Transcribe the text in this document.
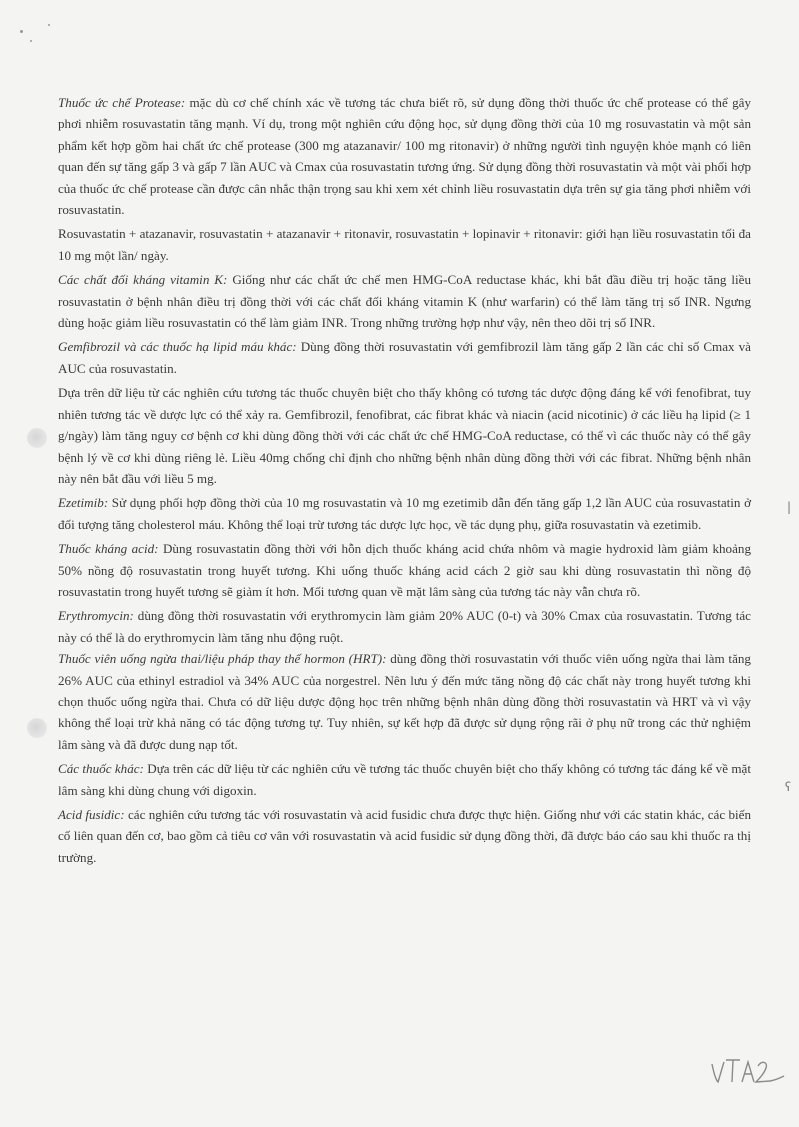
|
ʕ

Thuốc ức chế Protease: mặc dù cơ chế chính xác về tương tác chưa biết rõ, sử dụng đồng thời thuốc ức chế protease có thể gây phơi nhiễm rosuvastatin tăng mạnh. Ví dụ, trong một nghiên cứu động học, sử dụng đồng thời của 10 mg rosuvastatin và một sản phẩm kết hợp gồm hai chất ức chế protease (300 mg atazanavir/ 100 mg ritonavir) ở những người tình nguyện khỏe mạnh có liên quan đến sự tăng gấp 3 và gấp 7 lần AUC và Cmax của rosuvastatin tương ứng. Sử dụng đồng thời rosuvastatin và một vài phối hợp của thuốc ức chế protease cần được cân nhắc thận trọng sau khi xem xét chỉnh liều rosuvastatin dựa trên sự gia tăng phơi nhiễm với rosuvastatin.

Rosuvastatin + atazanavir, rosuvastatin + atazanavir + ritonavir, rosuvastatin + lopinavir + ritonavir: giới hạn liều rosuvastatin tối đa 10 mg một lần/ ngày.

Các chất đối kháng vitamin K: Giống như các chất ức chế men HMG-CoA reductase khác, khi bắt đầu điều trị hoặc tăng liều rosuvastatin ở bệnh nhân điều trị đồng thời với các chất đối kháng vitamin K (như warfarin) có thể làm tăng trị số INR. Ngưng dùng hoặc giảm liều rosuvastatin có thể làm giảm INR. Trong những trường hợp như vậy, nên theo dõi trị số INR.

Gemfibrozil và các thuốc hạ lipid máu khác: Dùng đồng thời rosuvastatin với gemfibrozil làm tăng gấp 2 lần các chỉ số Cmax và AUC của rosuvastatin.

Dựa trên dữ liệu từ các nghiên cứu tương tác thuốc chuyên biệt cho thấy không có tương tác dược động đáng kể với fenofibrat, tuy nhiên tương tác về dược lực có thể xảy ra. Gemfibrozil, fenofibrat, các fibrat khác và niacin (acid nicotinic) ở các liều hạ lipid (≥ 1 g/ngày) làm tăng nguy cơ bệnh cơ khi dùng đồng thời với các chất ức chế HMG-CoA reductase, có thể vì các thuốc này có thể gây bệnh lý về cơ khi dùng riêng lẻ. Liều 40mg chống chỉ định cho những bệnh nhân dùng đồng thời với các fibrat. Những bệnh nhân này nên bắt đầu với liều 5 mg.

Ezetimib: Sử dụng phối hợp đồng thời của 10 mg rosuvastatin và 10 mg ezetimib dẫn đến tăng gấp 1,2 lần AUC của rosuvastatin ở đối tượng tăng cholesterol máu. Không thể loại trừ tương tác dược lực học, về tác dụng phụ, giữa rosuvastatin và ezetimib.

Thuốc kháng acid: Dùng rosuvastatin đồng thời với hỗn dịch thuốc kháng acid chứa nhôm và magie hydroxid làm giảm khoảng 50% nồng độ rosuvastatin trong huyết tương. Khi uống thuốc kháng acid cách 2 giờ sau khi dùng rosuvastatin thì nồng độ rosuvastatin trong huyết tương sẽ giảm ít hơn. Mối tương quan về mặt lâm sàng của tương tác này vẫn chưa rõ.

Erythromycin: dùng đồng thời rosuvastatin với erythromycin làm giảm 20% AUC (0-t) và 30% Cmax của rosuvastatin. Tương tác này có thể là do erythromycin làm tăng nhu động ruột.

Thuốc viên uống ngừa thai/liệu pháp thay thế hormon (HRT): dùng đồng thời rosuvastatin với thuốc viên uống ngừa thai làm tăng 26% AUC của ethinyl estradiol và 34% AUC của norgestrel. Nên lưu ý đến mức tăng nồng độ các chất này trong huyết tương khi chọn thuốc uống ngừa thai. Chưa có dữ liệu dược động học trên những bệnh nhân dùng đồng thời rosuvastatin và HRT và vì vậy không thể loại trừ khả năng có tác động tương tự. Tuy nhiên, sự kết hợp đã được sử dụng rộng rãi ở phụ nữ trong các thử nghiệm lâm sàng và đã được dung nạp tốt.

Các thuốc khác: Dựa trên các dữ liệu từ các nghiên cứu về tương tác thuốc chuyên biệt cho thấy không có tương tác đáng kể về mặt lâm sàng khi dùng chung với digoxin.

Acid fusidic: các nghiên cứu tương tác với rosuvastatin và acid fusidic chưa được thực hiện. Giống như với các statin khác, các biến cố liên quan đến cơ, bao gồm cả tiêu cơ vân với rosuvastatin và acid fusidic sử dụng đồng thời, đã được báo cáo sau khi thuốc ra thị trường.
